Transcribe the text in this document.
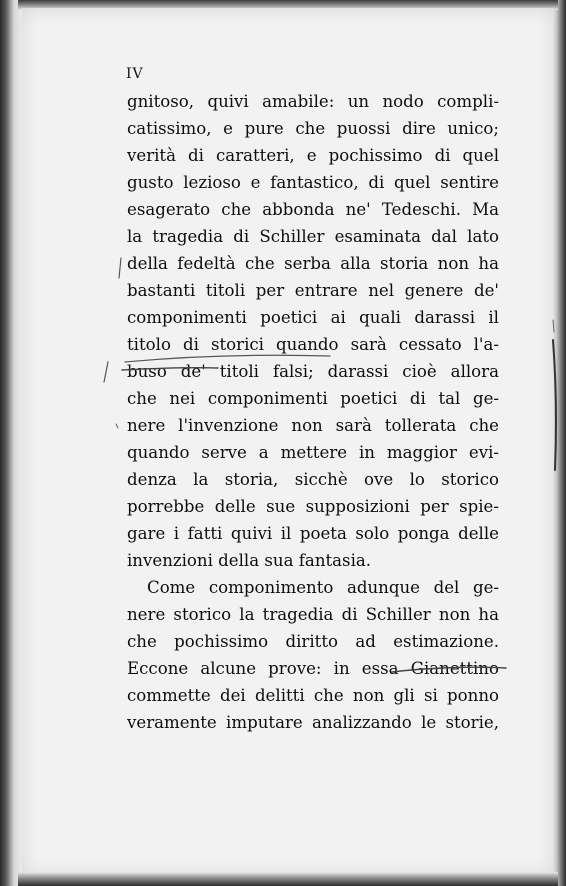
IV
gnitoso, quivi amabile: un nodo compli-
catissimo, e pure che puossi dire unico;
verità di caratteri, e pochissimo di quel
gusto lezioso e fantastico, di quel sentire
esagerato che abbonda ne' Tedeschi. Ma
la tragedia di Schiller esaminata dal lato
della fedeltà che serba alla storia non ha
bastanti titoli per entrare nel genere de'
componimenti poetici ai quali darassi il
titolo di storici quando sarà cessato l'a-
buso de' titoli falsi; darassi cioè allora
che nei componimenti poetici di tal ge-
nere l'invenzione non sarà tollerata che
quando serve a mettere in maggior evi-
denza la storia, sicchè ove lo storico
porrebbe delle sue supposizioni per spie-
gare i fatti quivi il poeta solo ponga delle
invenzioni della sua fantasia.
Come componimento adunque del ge-
nere storico la tragedia di Schiller non ha
che pochissimo diritto ad estimazione.
Eccone alcune prove: in essa Gianettino
commette dei delitti che non gli si ponno
veramente imputare analizzando le storie,
